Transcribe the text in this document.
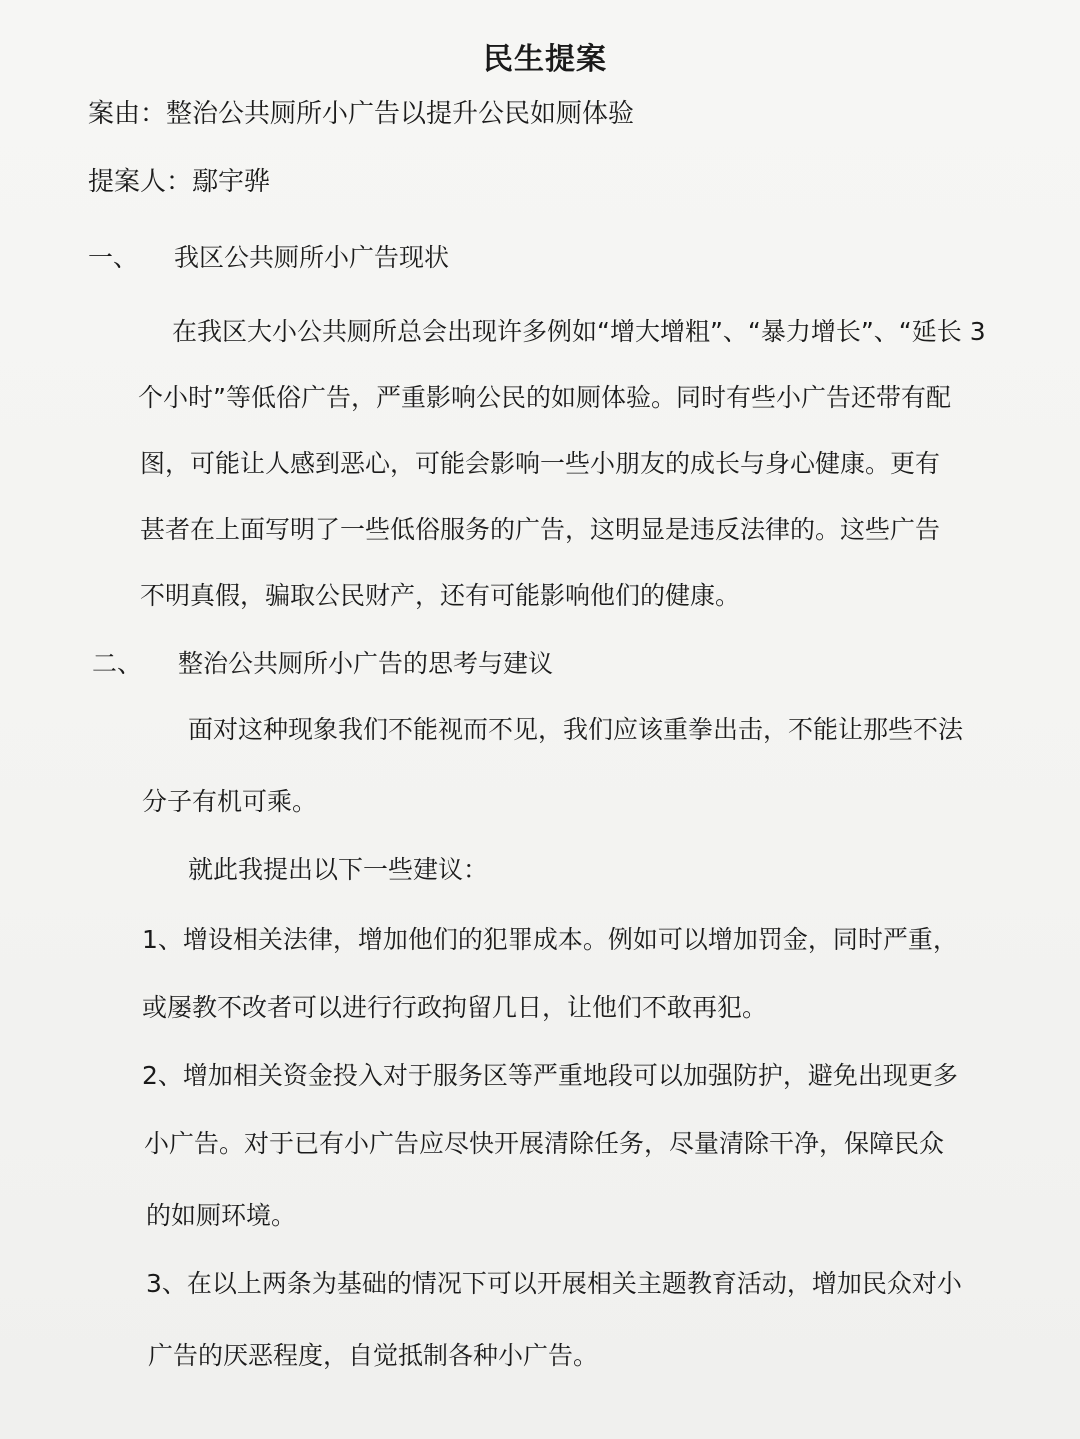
民生提案
案由：整治公共厕所小广告以提升公民如厕体验
提案人：鄢宇骅
一、 我区公共厕所小广告现状
在我区大小公共厕所总会出现许多例如“增大增粗”、“暴力增长”、“延长 3
个小时”等低俗广告，严重影响公民的如厕体验。同时有些小广告还带有配
图，可能让人感到恶心，可能会影响一些小朋友的成长与身心健康。更有
甚者在上面写明了一些低俗服务的广告，这明显是违反法律的。这些广告
不明真假，骗取公民财产，还有可能影响他们的健康。
二、 整治公共厕所小广告的思考与建议
面对这种现象我们不能视而不见，我们应该重拳出击，不能让那些不法
分子有机可乘。
就此我提出以下一些建议：
1、增设相关法律，增加他们的犯罪成本。例如可以增加罚金，同时严重，
或屡教不改者可以进行行政拘留几日，让他们不敢再犯。
2、增加相关资金投入对于服务区等严重地段可以加强防护，避免出现更多
小广告。对于已有小广告应尽快开展清除任务，尽量清除干净，保障民众
的如厕环境。
3、在以上两条为基础的情况下可以开展相关主题教育活动，增加民众对小
广告的厌恶程度，自觉抵制各种小广告。
